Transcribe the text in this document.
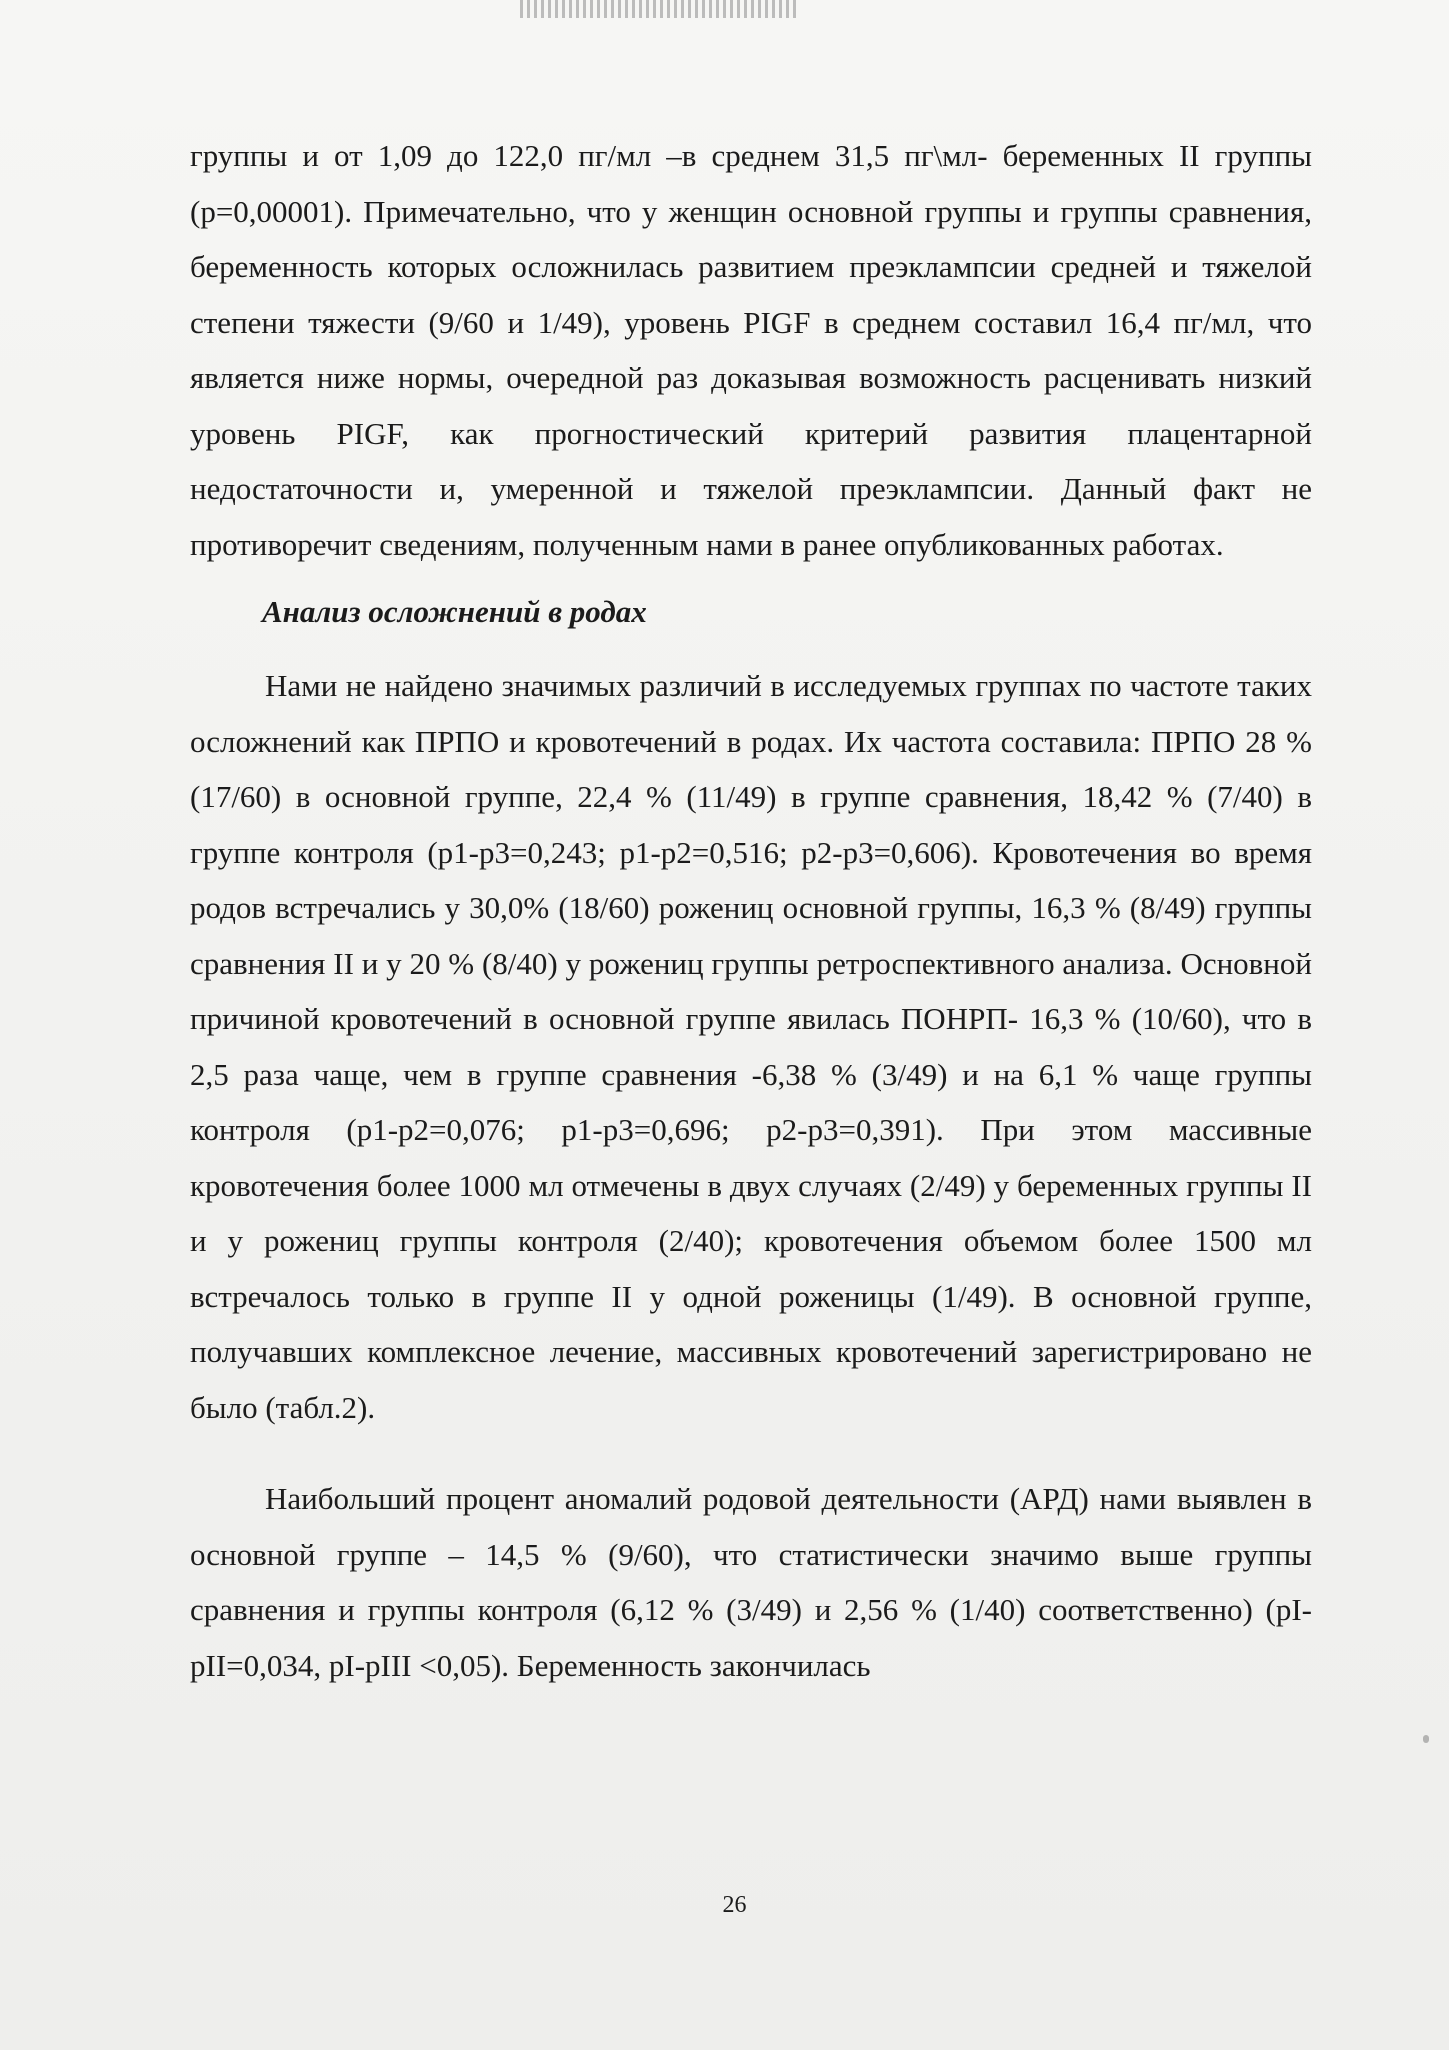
группы и от 1,09 до 122,0 пг/мл –в среднем 31,5 пг\мл- беременных II группы (р=0,00001). Примечательно, что у женщин основной группы и группы сравнения, беременность которых осложнилась развитием преэклампсии средней и тяжелой степени тяжести (9/60 и 1/49), уровень PIGF в среднем составил 16,4 пг/мл, что является ниже нормы, очередной раз доказывая возможность расценивать низкий уровень PIGF, как прогностический критерий развития плацентарной недостаточности и, умеренной и тяжелой преэклампсии. Данный факт не противоречит сведениям, полученным нами в ранее опубликованных работах.

Анализ осложнений в родах

Нами не найдено значимых различий в исследуемых группах по частоте таких осложнений как ПРПО и кровотечений в родах. Их частота составила: ПРПО 28 % (17/60) в основной группе, 22,4 % (11/49) в группе сравнения, 18,42 % (7/40) в группе контроля (р1-р3=0,243; р1-р2=0,516; р2-р3=0,606). Кровотечения во время родов встречались у 30,0% (18/60) рожениц основной группы, 16,3 % (8/49) группы сравнения II и у 20 % (8/40) у рожениц группы ретроспективного анализа. Основной причиной кровотечений в основной группе явилась ПОНРП- 16,3 % (10/60), что в 2,5 раза чаще, чем в группе сравнения -6,38 % (3/49) и на 6,1 % чаще группы контроля (р1-р2=0,076; р1-р3=0,696; р2-р3=0,391). При этом массивные кровотечения более 1000 мл отмечены в двух случаях (2/49) у беременных группы II и у рожениц группы контроля (2/40); кровотечения объемом более 1500 мл встречалось только в группе II у одной роженицы (1/49). В основной группе, получавших комплексное лечение, массивных кровотечений зарегистрировано не было (табл.2).

Наибольший процент аномалий родовой деятельности (АРД) нами выявлен в основной группе – 14,5 % (9/60), что статистически значимо выше группы сравнения и группы контроля (6,12 % (3/49) и 2,56 % (1/40) соответственно) (рI-рII=0,034, рI-рIII <0,05). Беременность закончилась

26
